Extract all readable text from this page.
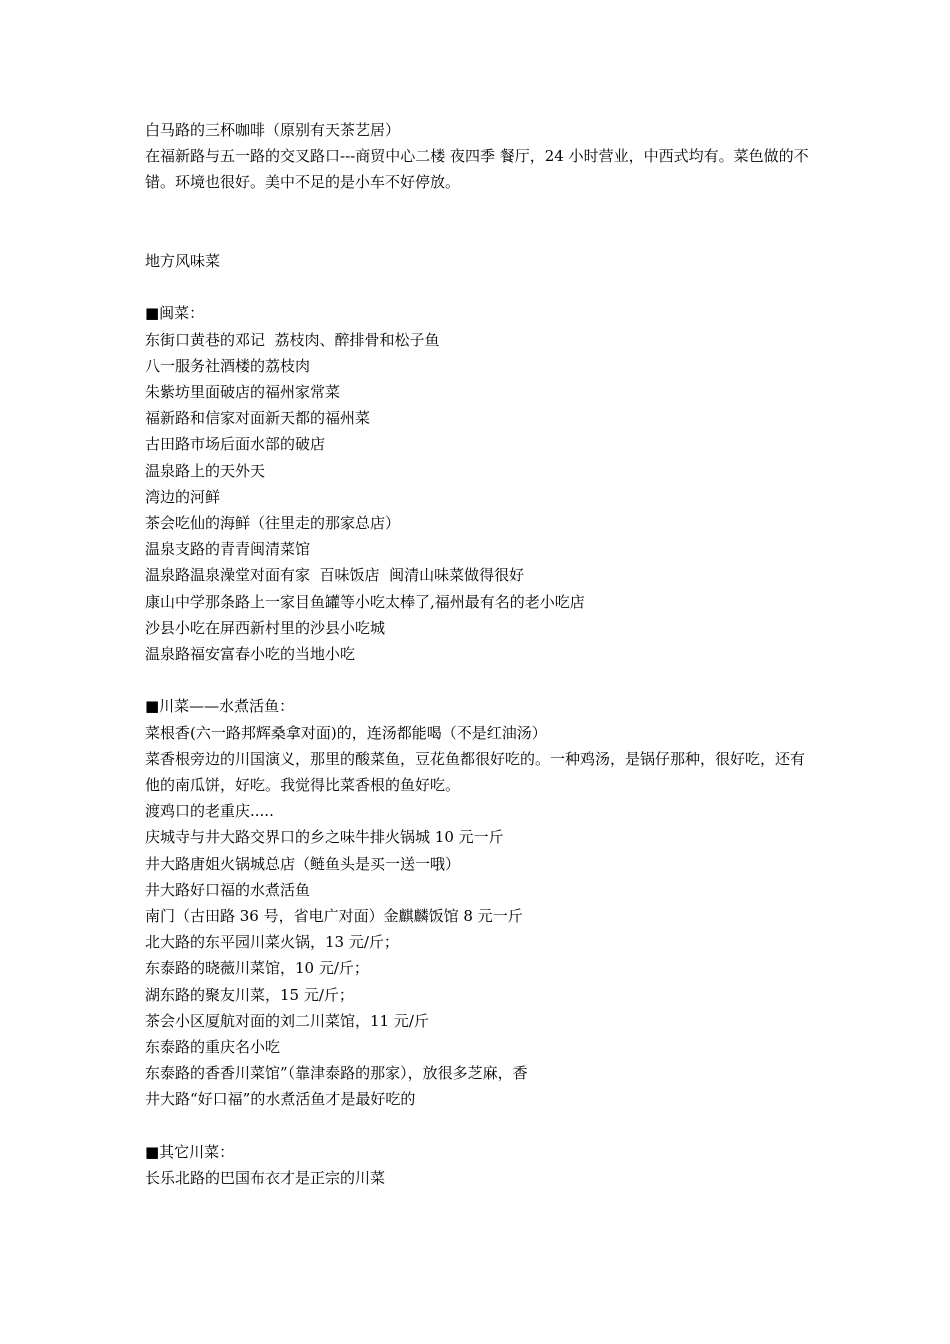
白马路的三杯咖啡（原别有天茶艺居）
在福新路与五一路的交叉路口---商贸中心二楼 夜四季 餐厅，24 小时营业，中西式均有。菜色做的不错。环境也很好。美中不足的是小车不好停放。
地方风味菜
■闽菜：
东街口黄巷的邓记  荔枝肉、醉排骨和松子鱼
八一服务社酒楼的荔枝肉
朱紫坊里面破店的福州家常菜
福新路和信家对面新天都的福州菜
古田路市场后面水部的破店
温泉路上的天外天
湾边的河鲜
茶会吃仙的海鲜（往里走的那家总店）
温泉支路的青青闽清菜馆
温泉路温泉澡堂对面有家  百味饭店  闽清山味菜做得很好
康山中学那条路上一家目鱼罐等小吃太棒了,福州最有名的老小吃店
沙县小吃在屏西新村里的沙县小吃城
温泉路福安富春小吃的当地小吃
■川菜——水煮活鱼：
菜根香(六一路邦辉桑拿对面)的，连汤都能喝（不是红油汤）
菜香根旁边的川国演义，那里的酸菜鱼，豆花鱼都很好吃的。一种鸡汤，是锅仔那种，很好吃，还有
他的南瓜饼，好吃。我觉得比菜香根的鱼好吃。
渡鸡口的老重庆.....
庆城寺与井大路交界口的乡之味牛排火锅城 10 元一斤
井大路唐姐火锅城总店（鲢鱼头是买一送一哦）
井大路好口福的水煮活鱼
南门（古田路 36 号，省电广对面）金麒麟饭馆 8 元一斤
北大路的东平园川菜火锅，13 元/斤；
东泰路的晓薇川菜馆，10 元/斤；
湖东路的聚友川菜，15 元/斤；
茶会小区厦航对面的刘二川菜馆，11 元/斤
东泰路的重庆名小吃
东泰路的香香川菜馆”（靠津泰路的那家），放很多芝麻，香
井大路“好口福”的水煮活鱼才是最好吃的
■其它川菜：
长乐北路的巴国布衣才是正宗的川菜
